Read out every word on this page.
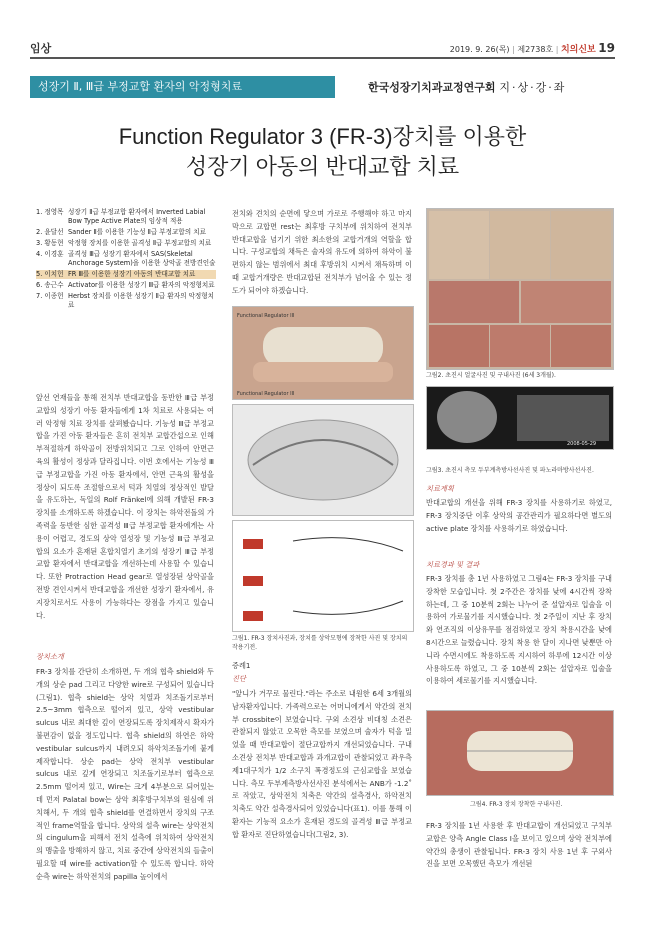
임상	2019. 9. 26(목) | 제2738호 | 치의신보 19
성장기 Ⅱ, Ⅲ급 부정교합 환자의 악정형치료	한국성장기치과교정연구회 지·상·강·좌
Function Regulator 3 (FR-3)장치를 이용한
성장기 아동의 반대교합 치료
1. 정영목 성장기 Ⅱ급 부정교합 환자에서 Inverted Labial Bow Type Active Plate의 임상적 적용
2. 윤달선 Sander Ⅱ를 이용한 기능성 Ⅱ급 부정교합의 치료
3. 황동현 악정형 장치를 이용한 골격성 Ⅱ급 부정교합의 치료
4. 이경훈 골격성 Ⅲ급 성장기 환자에서 SAS(Skeletal Anchorage System)을 이용한 상악골 전방견인술
5. 이치헌 FR Ⅲ를 이용한 성장기 아동의 반대교합 치료
6. 송근수 Activator를 이용한 성장기 Ⅲ급 환자의 악정형치료
7. 이종헌 Herbst 장치를 이용한 성장기 Ⅱ급 환자의 악정형치료
앞선 연재들을 통해 전치부 반대교합을 동반한 Ⅲ급 부정교합의 성장기 아동 환자들에게 1차 치료로 사용되는 여러 악정형 치료 장치를 살펴봤습니다. 기능성 Ⅲ급 부정교합을 가진 아동 환자들은 흔히 전치부 교합간섭으로 인해 부적절하게 하악골이 전방위치되고 그로 인하여 안면근육의 활성이 정상과 달라집니다. 이번 호에서는 기능성 Ⅲ급 부정교합을 가진 아동 환자에서, 안면 근육의 활성을 정상이 되도록 조절함으로서 턱과 치열의 정상적인 발달을 유도하는, 독일의 Rolf Fränkel에 의해 개발된 FR-3 장치를 소개하도록 하겠습니다. 이 장치는 하악전돌의 가족력을 동반한 심한 골격성 Ⅲ급 부정교합 환자에게는 사용이 어렵고, 경도의 상악 열성장 및 기능성 Ⅲ급 부정교합의 요소가 혼재된 혼합치열기 초기의 성장기 Ⅲ급 부정교합 환자에서 반대교합을 개선하는데 사용할 수 있습니다. 또한 Protraction Head gear로 열성장된 상악골을 전방 견인시켜서 반대교합을 개선한 성장기 환자에서, 유지장치로서도 사용이 가능하다는 장점을 가지고 있습니다.
장치소개
FR-3 장치를 간단히 소개하면, 두 개의 협측 shield와 두 개의 상순 pad 그리고 다양한 wire로 구성되어 있습니다(그림1). 협측 shield는 상악 치열과 치조돌기로부터 2.5~3mm 협측으로 떨어져 있고, 상악 vestibular sulcus 내로 최대한 깊이 연장되도록 장치제작시 확자가 불편감이 없을 정도입니다. 협측 shield의 하연은 하악 vestibular sulcus까지 내려오되 하악치조돌기에 붙게 제작합니다. 상순 pad는 상악 전치부 vestibular sulcus 내로 깊게 연장되고 치조돌기로부터 협측으로 2.5mm 떨어져 있고, Wire는 크게 4부분으로 되어있는데 먼저 Palatal bow는 상악 최후방구치부의 원심에 위치해서, 두 개의 협측 shield를 연결하면서 장치의 구조적인 frame역할을 합니다. 상악의 설측 wire는 상악전치의 cingulum을 피해서 전치 설측에 위치하여 상악전치의 맹출을 방해하지 않고, 치료 중간에 상악전치의 들출이 필요할 때 wire를 activation할 수 있도록 합니다. 하악 순측 wire는 하악전치의 papilla 높이에서
전치와 견치의 순면에 닿으며 가로로 주행해야 하고 마지막으로 교합면 rest는 최후방 구치부에 위치하여 전치부 반대교합을 넘기기 위한 최소한의 교합거개의 역할을 합니다. 구성교합의 채득은 술자의 유도에 의하여 하악이 불편하지 않는 범위에서 최대 후방위치 시켜서 채득하며 이 때 교합거개량은 반대교합된 전치부가 넘어올 수 있는 정도가 되어야 하겠습니다.
Functional Regulator III
Functional Regulator III
그림1. FR-3 장치사진과, 장치를 상악모형에 장착한 사진 및 장치의 작용기전.
증례1
진단
"앞니가 거꾸로 물린다."라는 주소로 내원한 6세 3개월의 남자환자입니다. 가족력으로는 어머니에게서 약간의 전치부 crossbite이 보였습니다. 구외 소견상 비대칭 소견은 관찰되지 않았고 오목한 측모를 보였으며 술자가 턱을 밀었을 때 반대교합이 절단교합까지 개선되었습니다. 구내소견상 전치부 반대교합과 과개교합이 관찰되었고 좌우측 제1대구치가 1/2 소구치 폭경정도의 근심교합을 보였습니다. 측모 두부계측방사선사진 분석에서는 ANB가 -1.2˚로 작았고, 상악전치 치축은 약간의 설측경사, 하악전치 치축도 약간 설측경사되어 있었습니다(표1). 이를 통해 이 환자는 기능적 요소가 혼재된 경도의 골격성 Ⅲ급 부정교합 환자로 진단하였습니다(그림2, 3).
그림2. 초진시 얼굴사진 및 구내사진 (6세 3개월).
2008-05-29
그림3. 초진시 측모 두부계측방사선사진 및 파노라마방사선사진.
치료계획
반대교합의 개선을 위해 FR-3 장치를 사용하기로 하였고, FR-3 장치중단 이후 상악의 공간관리가 필요하다면 별도의 active plate 장치를 사용하기로 하였습니다.
치료경과 및 결과
FR-3 장치를 총 1년 사용하였고 그림4는 FR-3 장치를 구내 장착한 모습입니다. 첫 2주간은 장치를 낮에 4시간씩 장착하는데, 그 중 10분씩 2회는 나누어 준 설압자로 입술을 이용하여 가로물기를 지시했습니다. 첫 2주일이 지난 후 장치와 연조직의 이상유무를 점검하였고 장치 착용시간을 낮에 8시간으로 늘렸습니다. 장치 착용 한 달이 지나면 낮뿐만 아니라 수면시에도 착용하도록 지시하여 하루에 12시간 이상 사용하도록 하였고, 그 중 10분씩 2회는 설압자로 입술을 이용하여 세로물기를 지시했습니다.
그림4. FR-3 장치 장착한 구내사진.
FR-3 장치를 1년 사용한 후 반대교합이 개선되었고 구치부 교합은 양측 Angle Class Ⅰ을 보이고 있으며 상악 전치부에 약간의 총생이 관찰됩니다. FR-3 장치 사용 1년 후 구외사진을 보면 오목했던 측모가 개선된
